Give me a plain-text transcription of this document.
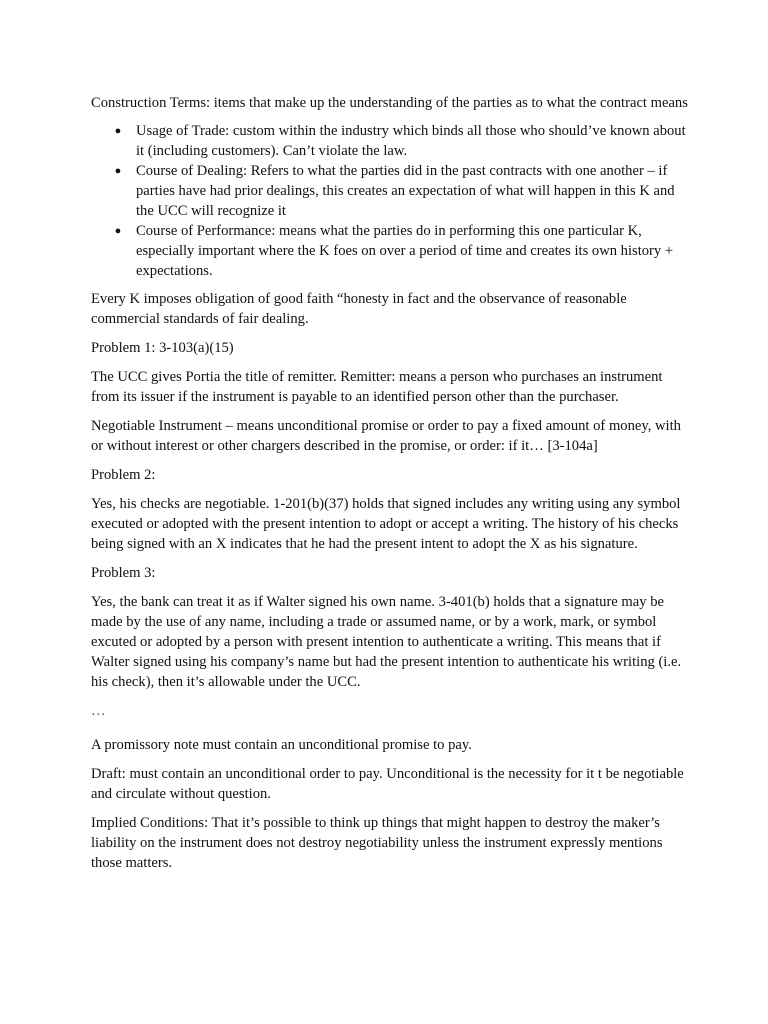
Construction Terms: items that make up the understanding of the parties as to what the contract means

● Usage of Trade: custom within the industry which binds all those who should’ve known about it (including customers). Can’t violate the law.
● Course of Dealing: Refers to what the parties did in the past contracts with one another – if parties have had prior dealings, this creates an expectation of what will happen in this K and the UCC will recognize it
● Course of Performance: means what the parties do in performing this one particular K, especially important where the K foes on over a period of time and creates its own history + expectations.

Every K imposes obligation of good faith “honesty in fact and the observance of reasonable commercial standards of fair dealing.

Problem 1: 3-103(a)(15)

The UCC gives Portia the title of remitter. Remitter: means a person who purchases an instrument from its issuer if the instrument is payable to an identified person other than the purchaser.

Negotiable Instrument – means unconditional promise or order to pay a fixed amount of money, with or without interest or other chargers described in the promise, or order: if it… [3-104a]

Problem 2:

Yes, his checks are negotiable. 1-201(b)(37) holds that signed includes any writing using any symbol executed or adopted with the present intention to adopt or accept a writing. The history of his checks being signed with an X indicates that he had the present intent to adopt the X as his signature.

Problem 3:

Yes, the bank can treat it as if Walter signed his own name. 3-401(b) holds that a signature may be made by the use of any name, including a trade or assumed name, or by a work, mark, or symbol excuted or adopted by a person with present intention to authenticate a writing. This means that if Walter signed using his company’s name but had the present intention to authenticate his writing (i.e. his check), then it’s allowable under the UCC.

…

A promissory note must contain an unconditional promise to pay.

Draft: must contain an unconditional order to pay. Unconditional is the necessity for it t be negotiable and circulate without question.

Implied Conditions: That it’s possible to think up things that might happen to destroy the maker’s liability on the instrument does not destroy negotiability unless the instrument expressly mentions those matters.
